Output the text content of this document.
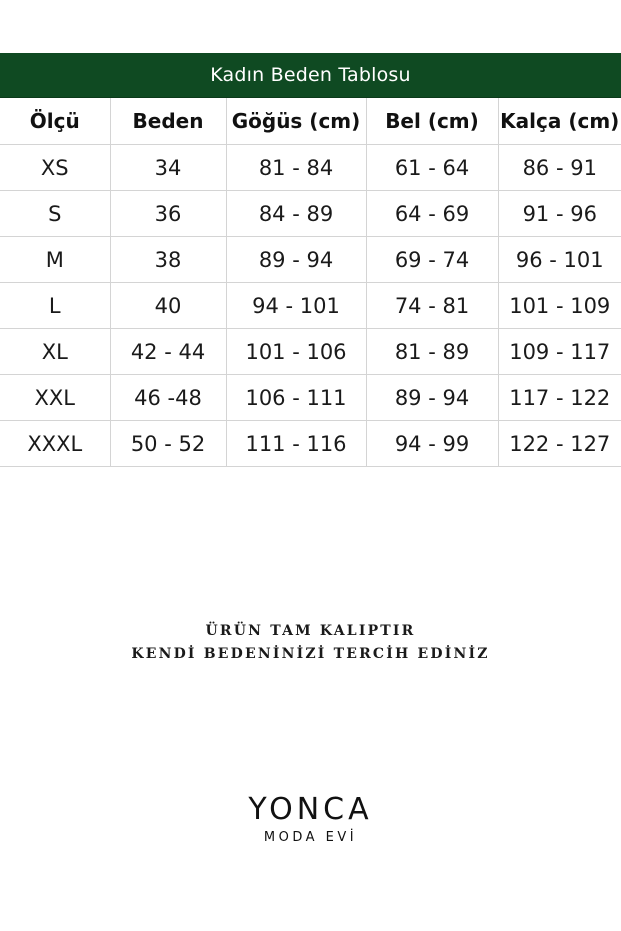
Kadın Beden Tablosu
Ölçü	Beden	Göğüs (cm)	Bel (cm)	Kalça (cm)
XS	34	81 - 84	61 - 64	86 - 91
S	36	84 - 89	64 - 69	91 - 96
M	38	89 - 94	69 - 74	96 - 101
L	40	94 - 101	74 - 81	101 - 109
XL	42 - 44	101 - 106	81 - 89	109 - 117
XXL	46 -48	106 - 111	89 - 94	117 - 122
XXXL	50 - 52	111 - 116	94 - 99	122 - 127
ÜRÜN TAM KALIPTIR
KENDİ BEDENİNİZİ TERCİH EDİNİZ
YONCA
MODA EVİ
